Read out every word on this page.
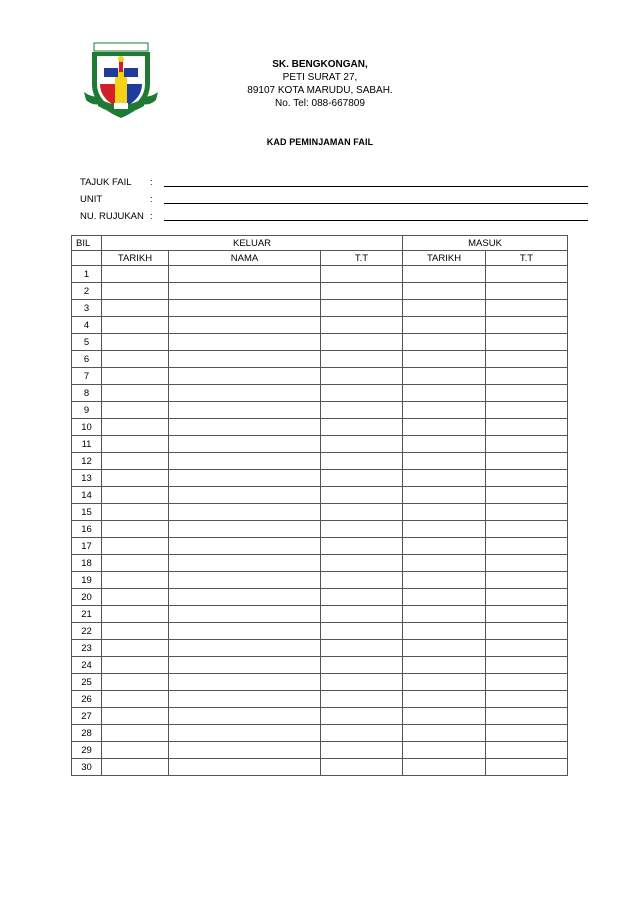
SK. BENGKONGAN,
PETI SURAT 27,
89107 KOTA MARUDU, SABAH.
No. Tel: 088-667809
KAD PEMINJAMAN FAIL
TAJUK FAIL :
UNIT	:
NU. RUJUKAN :
BIL	KELUAR			MASUK	
	TARIKH	NAMA	T.T	TARIKH	T.T
1					
2					
3					
4					
5					
6					
7					
8					
9					
10					
11					
12					
13					
14					
15					
16					
17					
18					
19					
20					
21					
22					
23					
24					
25					
26					
27					
28					
29					
30					
